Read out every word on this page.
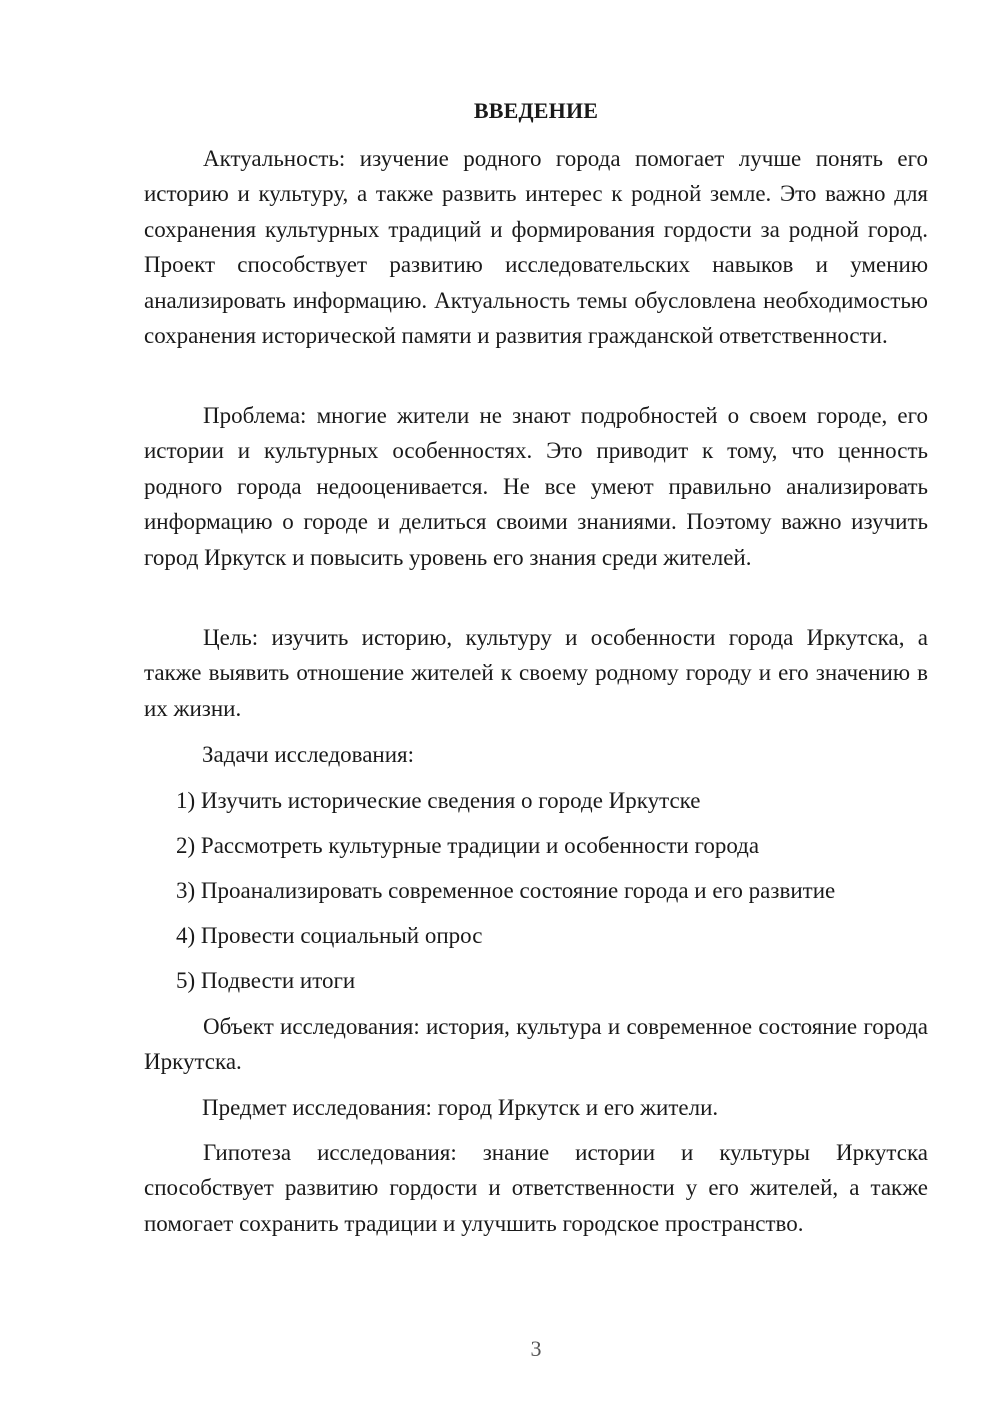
ВВЕДЕНИЕ

Актуальность: изучение родного города помогает лучше понять его историю и культуру, а также развить интерес к родной земле. Это важно для сохранения культурных традиций и формирования гордости за родной город. Проект способствует развитию исследовательских навыков и умению анализировать информацию. Актуальность темы обусловлена необходимостью сохранения исторической памяти и развития гражданской ответственности.

Проблема: многие жители не знают подробностей о своем городе, его истории и культурных особенностях. Это приводит к тому, что ценность родного города недооценивается. Не все умеют правильно анализировать информацию о городе и делиться своими знаниями. Поэтому важно изучить город Иркутск и повысить уровень его знания среди жителей.

Цель: изучить историю, культуру и особенности города Иркутска, а также выявить отношение жителей к своему родному городу и его значению в их жизни.

Задачи исследования:

1) Изучить исторические сведения о городе Иркутске

2) Рассмотреть культурные традиции и особенности города

3) Проанализировать современное состояние города и его развитие

4) Провести социальный опрос

5) Подвести итоги

Объект исследования: история, культура и современное состояние города Иркутска.

Предмет исследования: город Иркутск и его жители.

Гипотеза исследования: знание истории и культуры Иркутска способствует развитию гордости и ответственности у его жителей, а также помогает сохранить традиции и улучшить городское пространство.

3
